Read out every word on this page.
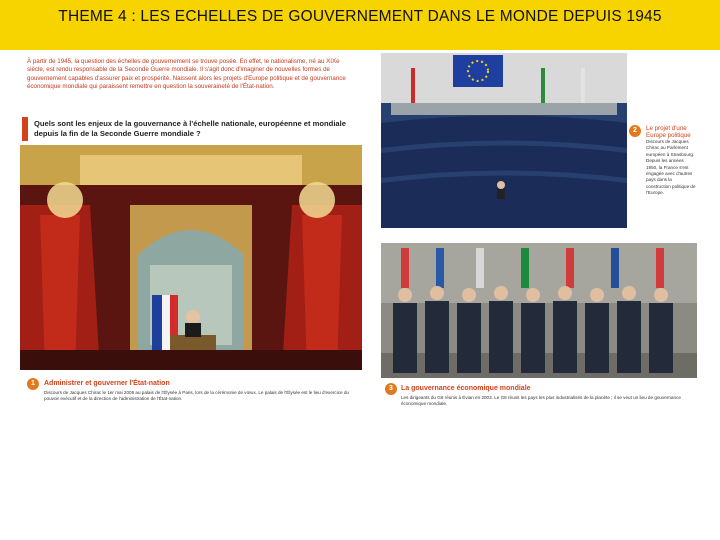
THEME 4 : LES ECHELLES DE GOUVERNEMENT DANS LE MONDE DEPUIS 1945
À partir de 1945, la question des échelles de gouvernement se trouve posée. En effet, le nationalisme, né au XIXe siècle, est rendu responsable de la Seconde Guerre mondiale. Il s'agit donc d'imaginer de nouvelles formes de gouvernement capables d'assurer paix et prospérité. Naissent alors les projets d'Europe politique et de gouvernance économique mondiale qui paraissent remettre en question la souveraineté de l'État-nation.
Quels sont les enjeux de la gouvernance à l'échelle nationale, européenne et mondiale depuis la fin de la Seconde Guerre mondiale ?
1	Administrer et gouverner l'État-nation
Discours de Jacques Chirac le 1er mai 2005 au palais de l'Élysée à Paris, lors de la cérémonie de vœux. Le palais de l'Élysée est le lieu d'exercice du pouvoir exécutif et de la direction de l'administration de l'État-nation.
2	Le projet d'une Europe politique
Discours de Jacques Chirac au Parlement européen à Strasbourg. Depuis les années 1950, la France s'est engagée avec d'autres pays dans la construction politique de l'Europe.
3	La gouvernance économique mondiale
Les dirigeants du G8 réunis à Évian en 2003. Le G8 réunit les pays les plus industrialisés de la planète ; il se veut un lieu de gouvernance économique mondiale.
